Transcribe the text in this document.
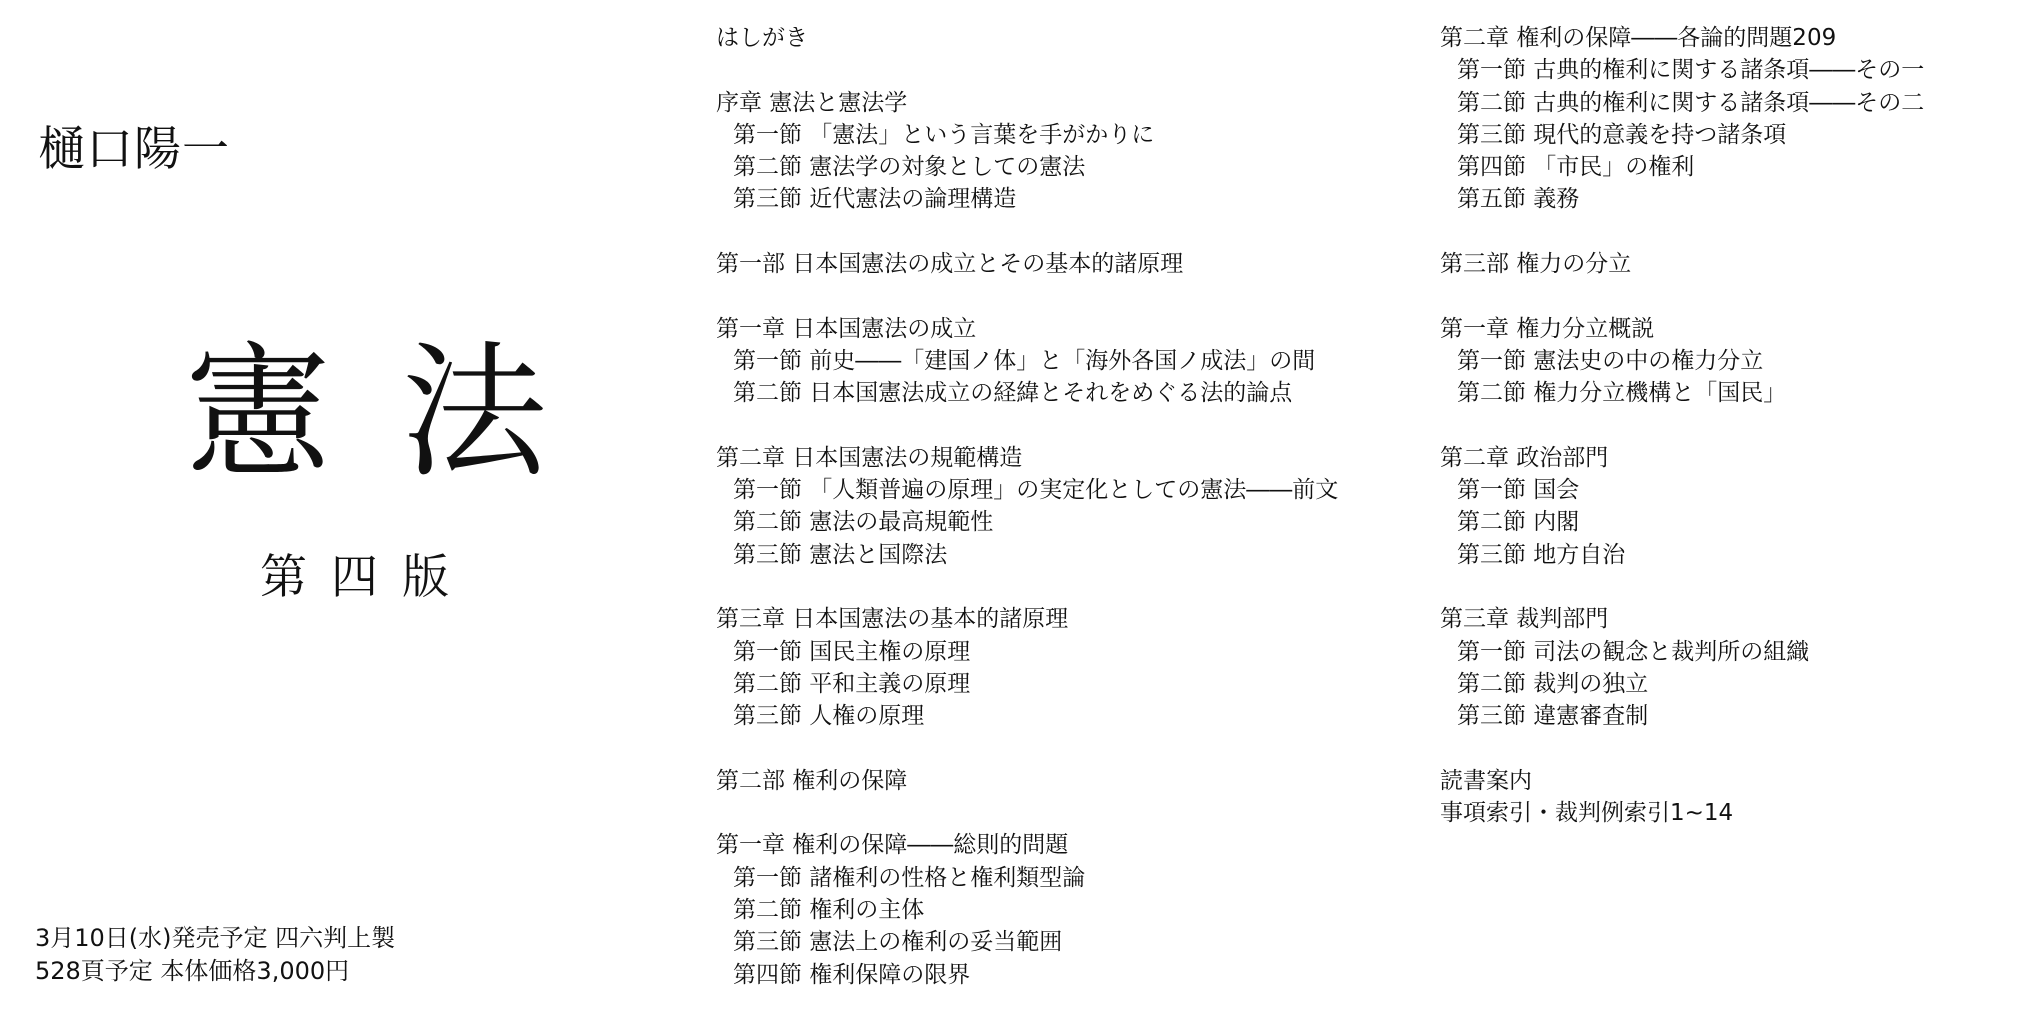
樋口陽一
憲 法
第四版
3月10日(水)発売予定 四六判上製
528頁予定 本体価格3,000円
はしがき
序章 憲法と憲法学
第一節 「憲法」という言葉を手がかりに
第二節 憲法学の対象としての憲法
第三節 近代憲法の論理構造
第一部 日本国憲法の成立とその基本的諸原理
第一章 日本国憲法の成立
第一節 前史――「建国ノ体」と「海外各国ノ成法」の間
第二節 日本国憲法成立の経緯とそれをめぐる法的論点
第二章 日本国憲法の規範構造
第一節 「人類普遍の原理」の実定化としての憲法――前文
第二節 憲法の最高規範性
第三節 憲法と国際法
第三章 日本国憲法の基本的諸原理
第一節 国民主権の原理
第二節 平和主義の原理
第三節 人権の原理
第二部 権利の保障
第一章 権利の保障――総則的問題
第一節 諸権利の性格と権利類型論
第二節 権利の主体
第三節 憲法上の権利の妥当範囲
第四節 権利保障の限界
第二章 権利の保障――各論的問題209
第一節 古典的権利に関する諸条項――その一
第二節 古典的権利に関する諸条項――その二
第三節 現代的意義を持つ諸条項
第四節 「市民」の権利
第五節 義務
第三部 権力の分立
第一章 権力分立概説
第一節 憲法史の中の権力分立
第二節 権力分立機構と「国民」
第二章 政治部門
第一節 国会
第二節 内閣
第三節 地方自治
第三章 裁判部門
第一節 司法の観念と裁判所の組織
第二節 裁判の独立
第三節 違憲審査制
読書案内
事項索引・裁判例索引1~14
